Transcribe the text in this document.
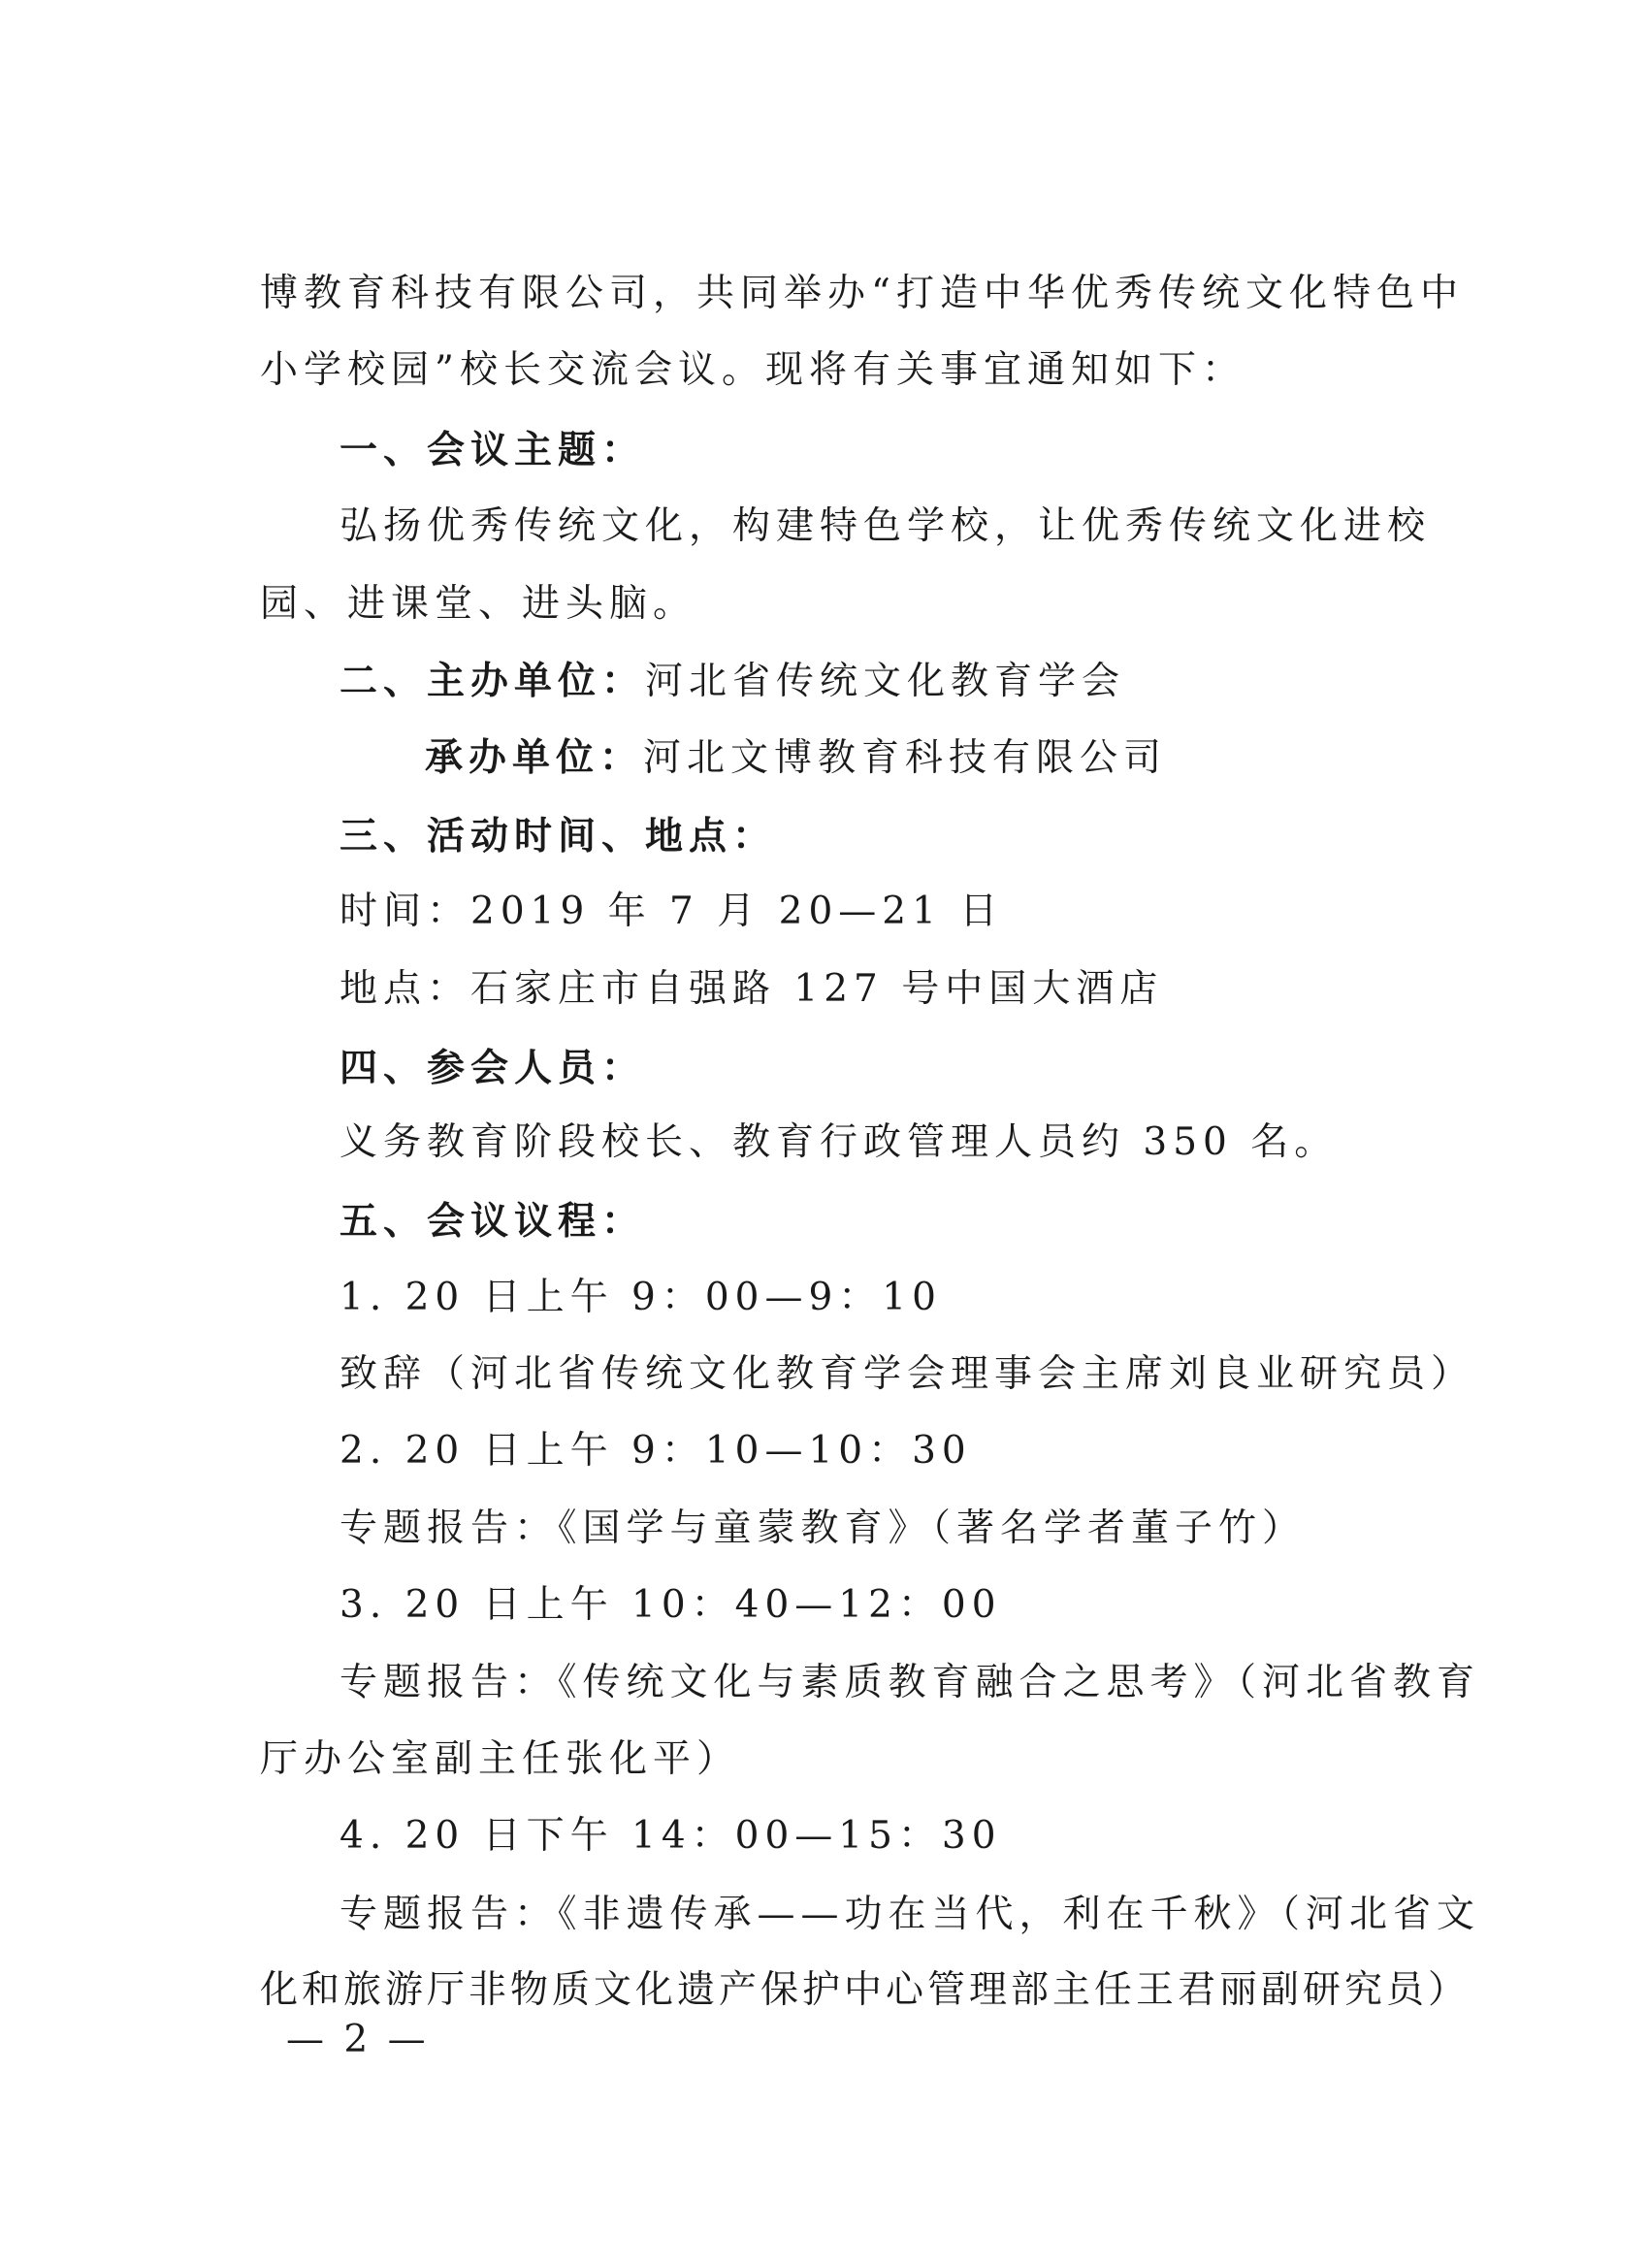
博教育科技有限公司，共同举办“打造中华优秀传统文化特色中
小学校园”校长交流会议。现将有关事宜通知如下：
一、会议主题：
弘扬优秀传统文化，构建特色学校，让优秀传统文化进校
园、进课堂、进头脑。
二、主办单位：河北省传统文化教育学会
承办单位：河北文博教育科技有限公司
三、活动时间、地点：
时间：2019 年 7 月 20—21 日
地点：石家庄市自强路 127 号中国大酒店
四、参会人员：
义务教育阶段校长、教育行政管理人员约 350 名。
五、会议议程：
1. 20 日上午 9：00—9：10
致辞（河北省传统文化教育学会理事会主席刘良业研究员）
2. 20 日上午 9：10—10：30
专题报告：《国学与童蒙教育》（著名学者董子竹）
3. 20 日上午 10：40—12：00
专题报告：《传统文化与素质教育融合之思考》（河北省教育
厅办公室副主任张化平）
4. 20 日下午 14：00—15：30
专题报告：《非遗传承——功在当代，利在千秋》（河北省文
化和旅游厅非物质文化遗产保护中心管理部主任王君丽副研究员）
— 2 —
